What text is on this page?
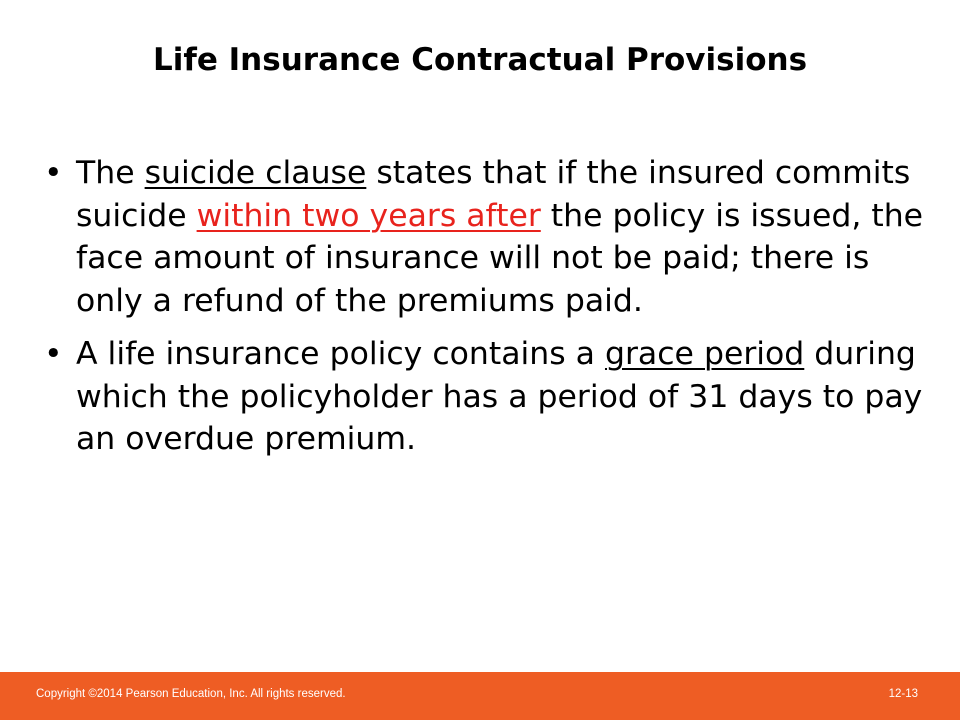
Life Insurance Contractual Provisions
• The suicide clause states that if the insured commits suicide within two years after the policy is issued, the face amount of insurance will not be paid; there is only a refund of the premiums paid.
• A life insurance policy contains a grace period during which the policyholder has a period of 31 days to pay an overdue premium.
Copyright ©2014 Pearson Education, Inc. All rights reserved.	12-13
